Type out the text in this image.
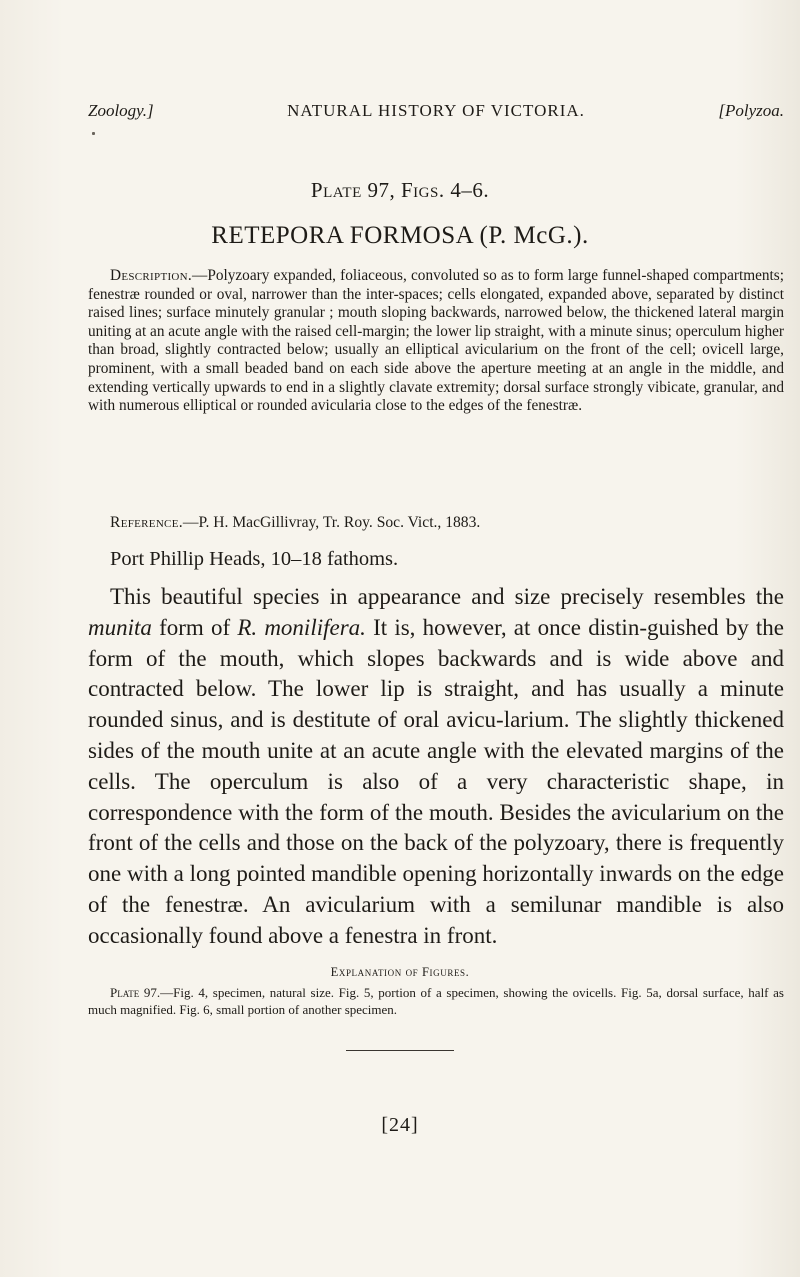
Zoology.]	NATURAL HISTORY OF VICTORIA.	[Polyzoa.
Plate 97, Figs. 4–6.
RETEPORA FORMOSA (P. McG.).
Description.—Polyzoary expanded, foliaceous, convoluted so as to form large funnel-shaped compartments; fenestræ rounded or oval, narrower than the inter-spaces; cells elongated, expanded above, separated by distinct raised lines; surface minutely granular ; mouth sloping backwards, narrowed below, the thickened lateral margin uniting at an acute angle with the raised cell-margin; the lower lip straight, with a minute sinus; operculum higher than broad, slightly contracted below; usually an elliptical avicularium on the front of the cell; ovicell large, prominent, with a small beaded band on each side above the aperture meeting at an angle in the middle, and extending vertically upwards to end in a slightly clavate extremity; dorsal surface strongly vibicate, granular, and with numerous elliptical or rounded avicularia close to the edges of the fenestræ.
Reference.—P. H. MacGillivray, Tr. Roy. Soc. Vict., 1883.
Port Phillip Heads, 10–18 fathoms.
This beautiful species in appearance and size precisely resembles the munita form of R. monilifera. It is, however, at once distin-guished by the form of the mouth, which slopes backwards and is wide above and contracted below. The lower lip is straight, and has usually a minute rounded sinus, and is destitute of oral avicu-larium. The slightly thickened sides of the mouth unite at an acute angle with the elevated margins of the cells. The operculum is also of a very characteristic shape, in correspondence with the form of the mouth. Besides the avicularium on the front of the cells and those on the back of the polyzoary, there is frequently one with a long pointed mandible opening horizontally inwards on the edge of the fenestræ. An avicularium with a semilunar mandible is also occasionally found above a fenestra in front.
Explanation of Figures.
Plate 97.—Fig. 4, specimen, natural size. Fig. 5, portion of a specimen, showing the ovicells. Fig. 5a, dorsal surface, half as much magnified. Fig. 6, small portion of another specimen.
[24]
